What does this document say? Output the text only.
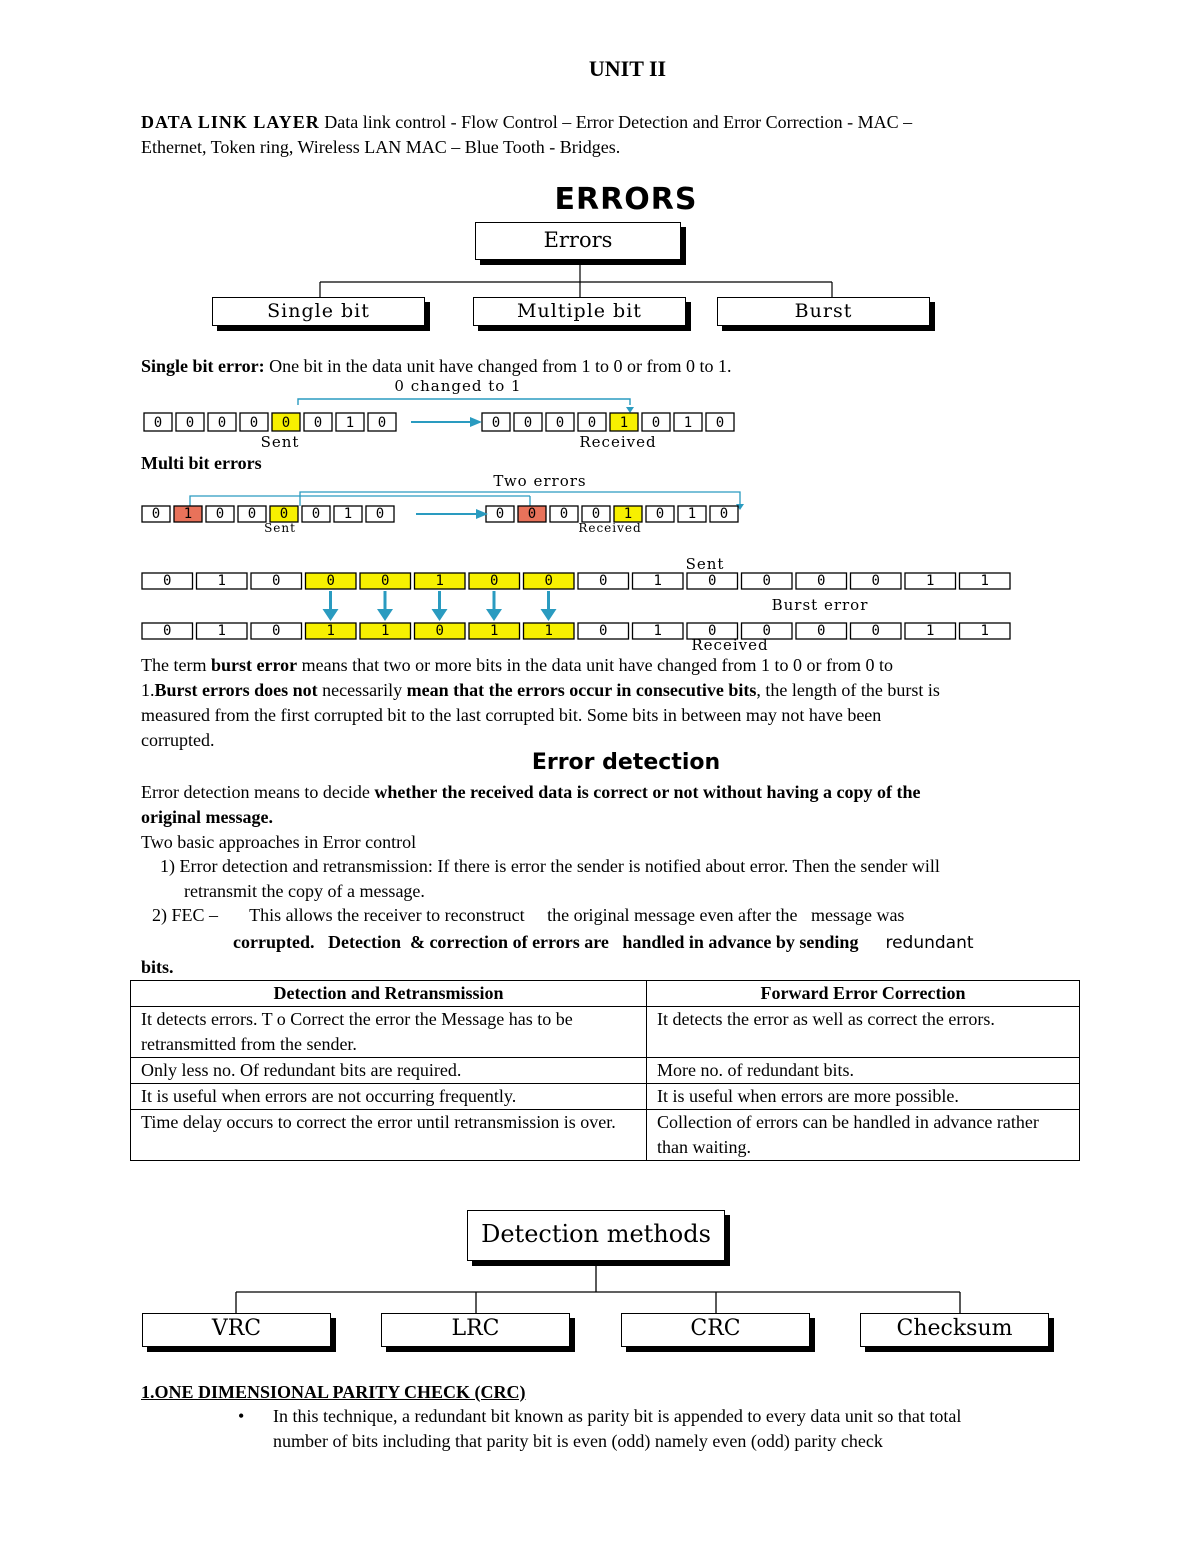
UNIT II
DATA LINK LAYER Data link control - Flow Control – Error Detection and Error Correction - MAC –
Ethernet, Token ring, Wireless LAN MAC – Blue Tooth - Bridges.
ERRORS
Errors
Single bit	Multiple bit	Burst
Single bit error: One bit in the data unit have changed from 1 to 0 or from 0 to 1.
0 changed to 1
0 0 0 0 0 0 1 0	0 0 0 0 1 0 1 0
Sent	Received
Multi bit errors
Two errors
0 1 0 0 0 0 1 0	0 0 0 0 1 0 1 0
Sent	Received
Sent
0	1	0	0	0	1	0	0	0	1	0	0	0	0	1	1
Burst error
0	1	0	1	1	0	1	1	0	1	0	0	0	0	1	1
Received
The term burst error means that two or more bits in the data unit have changed from 1 to 0 or from 0 to
1.Burst errors does not necessarily mean that the errors occur in consecutive bits, the length of the burst is
measured from the first corrupted bit to the last corrupted bit. Some bits in between may not have been
corrupted.
Error detection
Error detection means to decide whether the received data is correct or not without having a copy of the
original message.
Two basic approaches in Error control
1) Error detection and retransmission: If there is error the sender is notified about error. Then the sender will
retransmit the copy of a message.
2) FEC –       This allows the receiver to reconstruct     the original message even after the   message was
corrupted.   Detection  & correction of errors are   handled in advance by sending redundant
bits.
Detection and Retransmission	Forward Error Correction
It detects errors. T o Correct the error the Message has to be retransmitted from the sender.	It detects the error as well as correct the errors.
Only less no. Of redundant bits are required.	More no. of redundant bits.
It is useful when errors are not occurring frequently.	It is useful when errors are more possible.
Time delay occurs to correct the error until retransmission is over.	Collection of errors can be handled in advance rather than waiting.
Detection methods
VRC	LRC	CRC	Checksum
1.ONE DIMENSIONAL PARITY CHECK (CRC)
• In this technique, a redundant bit known as parity bit is appended to every data unit so that total
number of bits including that parity bit is even (odd) namely even (odd) parity check
